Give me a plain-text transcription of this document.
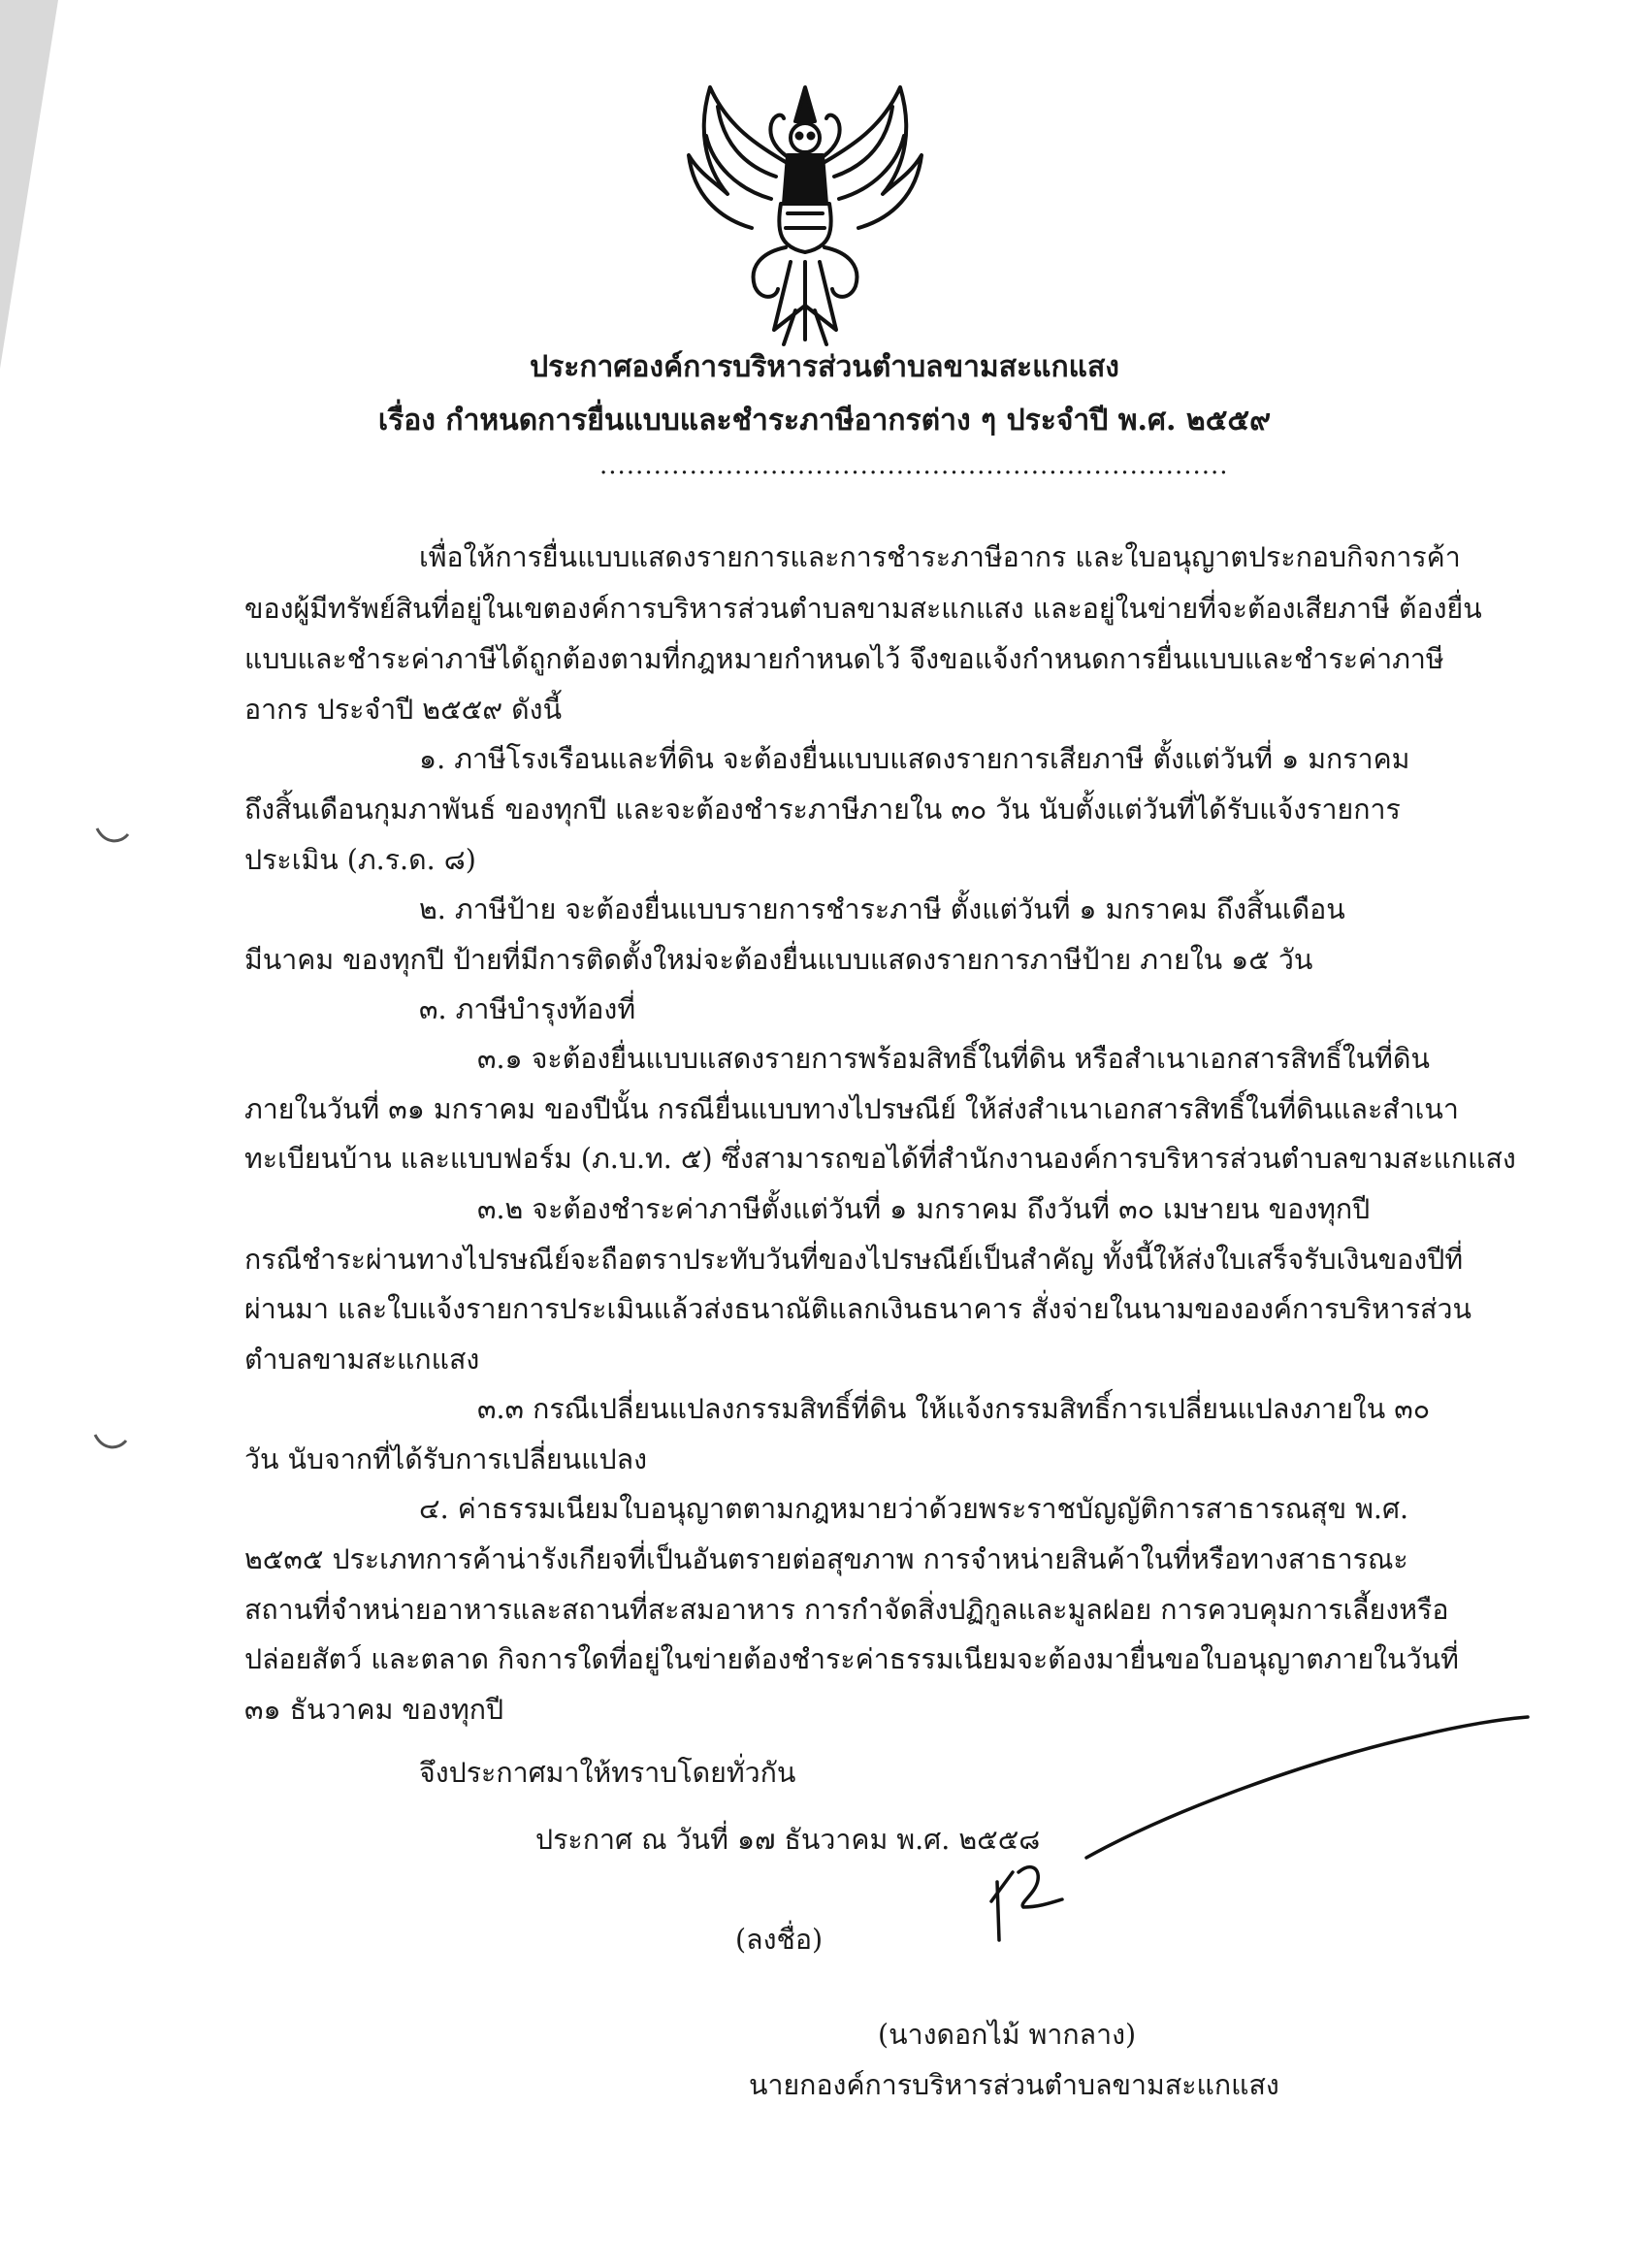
ประกาศองค์การบริหารส่วนตำบลขามสะแกแสง
เรื่อง กำหนดการยื่นแบบและชำระภาษีอากรต่าง ๆ ประจำปี พ.ศ. ๒๕๕๙
......................................................................
เพื่อให้การยื่นแบบแสดงรายการและการชำระภาษีอากร และใบอนุญาตประกอบกิจการค้า
ของผู้มีทรัพย์สินที่อยู่ในเขตองค์การบริหารส่วนตำบลขามสะแกแสง และอยู่ในข่ายที่จะต้องเสียภาษี ต้องยื่น
แบบและชำระค่าภาษีได้ถูกต้องตามที่กฎหมายกำหนดไว้ จึงขอแจ้งกำหนดการยื่นแบบและชำระค่าภาษี
อากร ประจำปี ๒๕๕๙ ดังนี้
๑. ภาษีโรงเรือนและที่ดิน จะต้องยื่นแบบแสดงรายการเสียภาษี ตั้งแต่วันที่ ๑ มกราคม
ถึงสิ้นเดือนกุมภาพันธ์ ของทุกปี และจะต้องชำระภาษีภายใน ๓๐ วัน นับตั้งแต่วันที่ได้รับแจ้งรายการ
ประเมิน (ภ.ร.ด. ๘)
๒. ภาษีป้าย จะต้องยื่นแบบรายการชำระภาษี ตั้งแต่วันที่ ๑ มกราคม ถึงสิ้นเดือน
มีนาคม ของทุกปี ป้ายที่มีการติดตั้งใหม่จะต้องยื่นแบบแสดงรายการภาษีป้าย ภายใน ๑๕ วัน
๓. ภาษีบำรุงท้องที่
๓.๑ จะต้องยื่นแบบแสดงรายการพร้อมสิทธิ์ในที่ดิน หรือสำเนาเอกสารสิทธิ์ในที่ดิน
ภายในวันที่ ๓๑ มกราคม ของปีนั้น กรณียื่นแบบทางไปรษณีย์ ให้ส่งสำเนาเอกสารสิทธิ์ในที่ดินและสำเนา
ทะเบียนบ้าน และแบบฟอร์ม (ภ.บ.ท. ๕) ซึ่งสามารถขอได้ที่สำนักงานองค์การบริหารส่วนตำบลขามสะแกแสง
๓.๒ จะต้องชำระค่าภาษีตั้งแต่วันที่ ๑ มกราคม ถึงวันที่ ๓๐ เมษายน ของทุกปี
กรณีชำระผ่านทางไปรษณีย์จะถือตราประทับวันที่ของไปรษณีย์เป็นสำคัญ ทั้งนี้ให้ส่งใบเสร็จรับเงินของปีที่
ผ่านมา และใบแจ้งรายการประเมินแล้วส่งธนาณัติแลกเงินธนาคาร สั่งจ่ายในนามขององค์การบริหารส่วน
ตำบลขามสะแกแสง
๓.๓ กรณีเปลี่ยนแปลงกรรมสิทธิ์ที่ดิน ให้แจ้งกรรมสิทธิ์การเปลี่ยนแปลงภายใน ๓๐
วัน นับจากที่ได้รับการเปลี่ยนแปลง
๔. ค่าธรรมเนียมใบอนุญาตตามกฎหมายว่าด้วยพระราชบัญญัติการสาธารณสุข พ.ศ.
๒๕๓๕ ประเภทการค้าน่ารังเกียจที่เป็นอันตรายต่อสุขภาพ การจำหน่ายสินค้าในที่หรือทางสาธารณะ
สถานที่จำหน่ายอาหารและสถานที่สะสมอาหาร การกำจัดสิ่งปฏิกูลและมูลฝอย การควบคุมการเลี้ยงหรือ
ปล่อยสัตว์ และตลาด กิจการใดที่อยู่ในข่ายต้องชำระค่าธรรมเนียมจะต้องมายื่นขอใบอนุญาตภายในวันที่
๓๑ ธันวาคม ของทุกปี
จึงประกาศมาให้ทราบโดยทั่วกัน
ประกาศ ณ วันที่ ๑๗ ธันวาคม พ.ศ. ๒๕๕๘
(ลงชื่อ)
(นางดอกไม้ พากลาง)
นายกองค์การบริหารส่วนตำบลขามสะแกแสง
